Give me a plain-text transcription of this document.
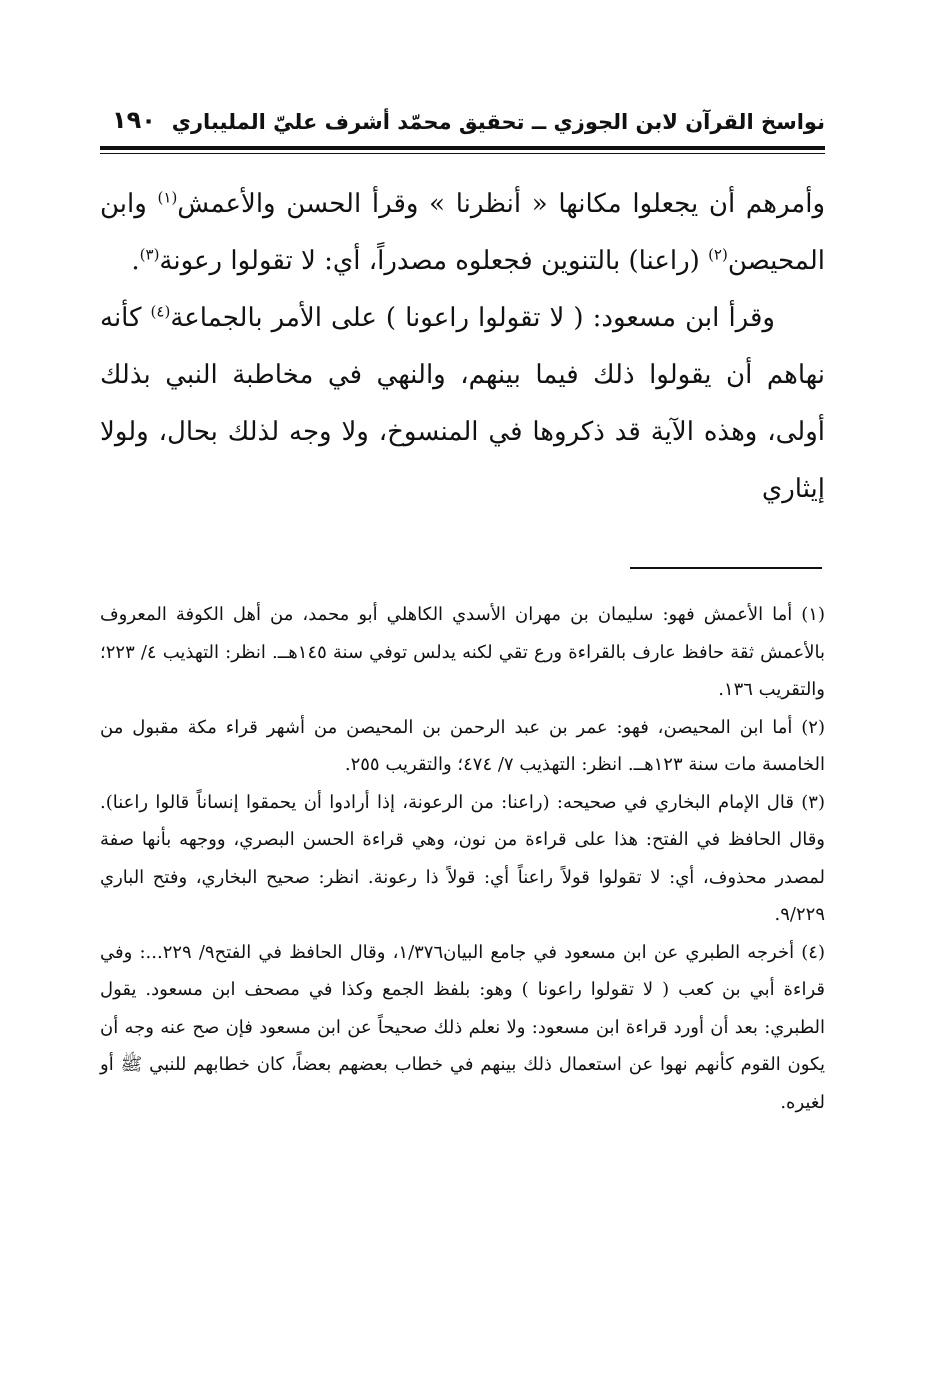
نواسخ القرآن لابن الجوزي ــ تحقيق محمّد أشرف عليّ المليباري
١٩٠

وأمرهم أن يجعلوا مكانها « أنظرنا » وقرأ الحسن والأعمش$^{(١)}$ وابن المحيصن$^{(٢)}$ (راعنا) بالتنوين فجعلوه مصدراً، أي: لا تقولوا رعونة$^{(٣)}$.

وقرأ ابن مسعود: ( لا تقولوا راعونا ) على الأمر بالجماعة$^{(٤)}$ كأنه نهاهم أن يقولوا ذلك فيما بينهم، والنهي في مخاطبة النبي بذلك أولى، وهذه الآية قد ذكروها في المنسوخ، ولا وجه لذلك بحال، ولولا إيثاري

(١) أما الأعمش فهو: سليمان بن مهران الأسدي الكاهلي أبو محمد، من أهل الكوفة المعروف بالأعمش ثقة حافظ عارف بالقراءة ورع تقي لكنه يدلس توفي سنة ١٤٥هــ. انظر: التهذيب ٤/ ٢٢٣؛ والتقريب ١٣٦.

(٢) أما ابن المحيصن، فهو: عمر بن عبد الرحمن بن المحيصن من أشهر قراء مكة مقبول من الخامسة مات سنة ١٢٣هــ. انظر: التهذيب ٧/ ٤٧٤؛ والتقريب ٢٥٥.

(٣) قال الإمام البخاري في صحيحه: (راعنا: من الرعونة، إذا أرادوا أن يحمقوا إنساناً قالوا راعنا). وقال الحافظ في الفتح: هذا على قراءة من نون، وهي قراءة الحسن البصري، ووجهه بأنها صفة لمصدر محذوف، أي: لا تقولوا قولاً راعناً أي: قولاً ذا رعونة. انظر: صحيح البخاري، وفتح الباري ٩/٢٢٩.

(٤) أخرجه الطبري عن ابن مسعود في جامع البيان١/٣٧٦، وقال الحافظ في الفتح٩/ ٢٢٩...: وفي قراءة أبي بن كعب ( لا تقولوا راعونا ) وهو: بلفظ الجمع وكذا في مصحف ابن مسعود. يقول الطبري: بعد أن أورد قراءة ابن مسعود: ولا نعلم ذلك صحيحاً عن ابن مسعود فإن صح عنه وجه أن يكون القوم كأنهم نهوا عن استعمال ذلك بينهم في خطاب بعضهم بعضاً، كان خطابهم للنبي ﷺ أو لغيره.
